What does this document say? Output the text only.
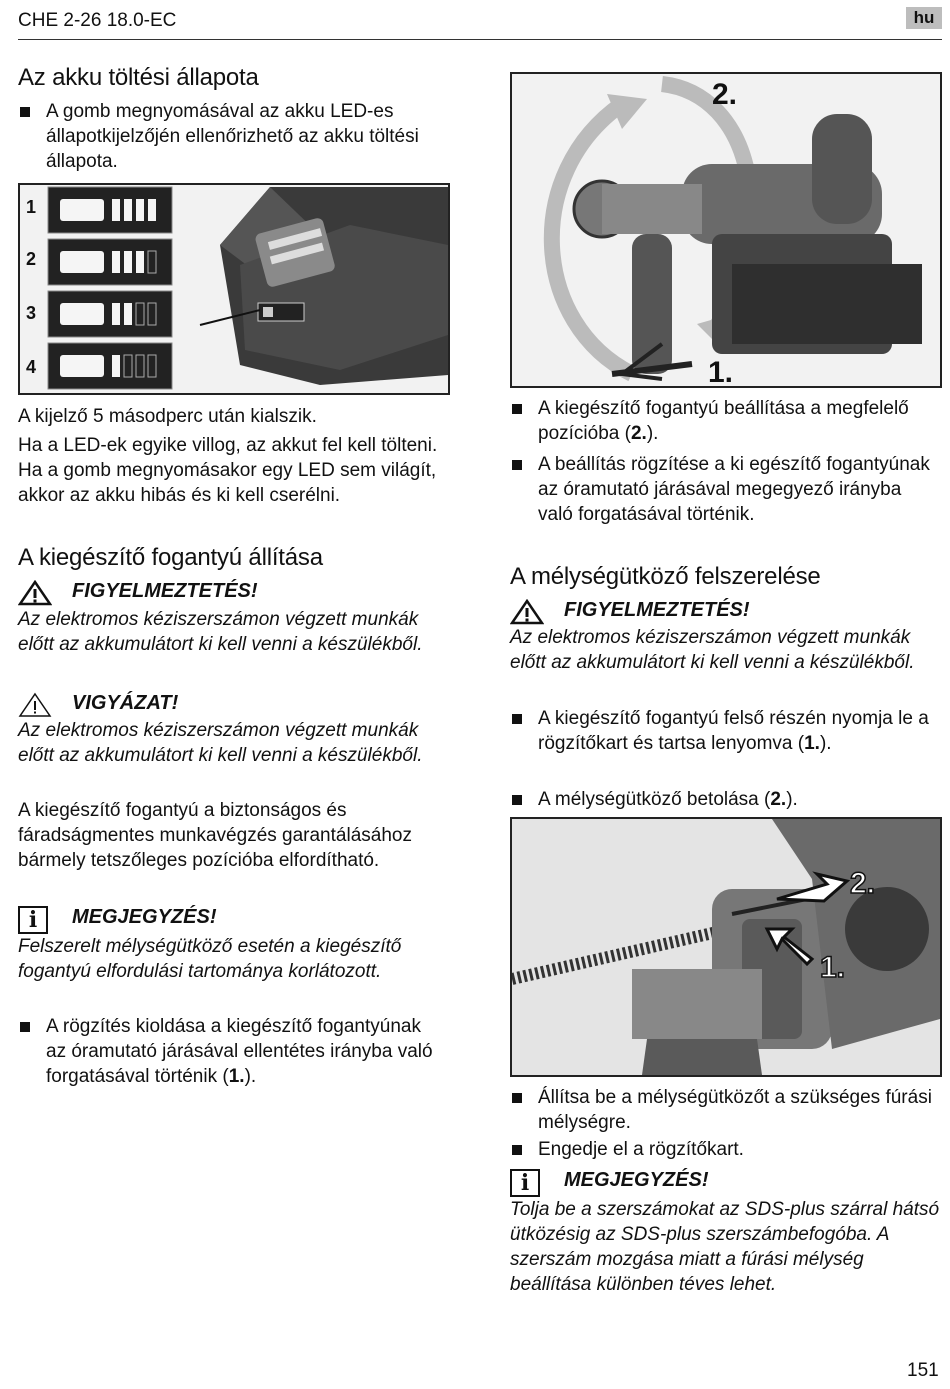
CHE 2-26 18.0-EC	hu
Az akku töltési állapota
A gomb megnyomásával az akku LED-es állapotkijelzőjén ellenőrizhető az akku töltési állapota.
1
2
3
4
A kijelző 5 másodperc után kialszik.
Ha a LED-ek egyike villog, az akkut fel kell tölteni. Ha a gomb megnyomásakor egy LED sem világít, akkor az akku hibás és ki kell cserélni.
A kiegészítő fogantyú állítása
FIGYELMEZTETÉS!
Az elektromos kéziszerszámon végzett munkák előtt az akkumulátort ki kell venni a készülékből.
VIGYÁZAT!
Az elektromos kéziszerszámon végzett munkák előtt az akkumulátort ki kell venni a készülékből.
A kiegészítő fogantyú a biztonságos és fáradságmentes munkavégzés garantálásához bármely tetszőleges pozícióba elfordítható.
i	MEGJEGYZÉS!
Felszerelt mélységütköző esetén a kiegészítő fogantyú elfordulási tartománya korlátozott.
A rögzítés kioldása a kiegészítő fogantyúnak az óramutató járásával ellentétes irányba való forgatásával történik (1.).
2.
1.
A kiegészítő fogantyú beállítása a megfelelő pozícióba (2.).
A beállítás rögzítése a ki egészítő fogantyúnak az óramutató járásával megegyező irányba való forgatásával történik.
A mélységütköző felszerelése
FIGYELMEZTETÉS!
Az elektromos kéziszerszámon végzett munkák előtt az akkumulátort ki kell venni a készülékből.
A kiegészítő fogantyú felső részén nyomja le a rögzítőkart és tartsa lenyomva (1.).
A mélységütköző betolása (2.).
2.
1.
Állítsa be a mélységütközőt a szükséges fúrási mélységre.
Engedje el a rögzítőkart.
i	MEGJEGYZÉS!
Tolja be a szerszámokat az SDS-plus szárral hátsó ütközésig az SDS-plus szerszámbefogóba. A szerszám mozgása miatt a fúrási mélység beállítása különben téves lehet.
151
